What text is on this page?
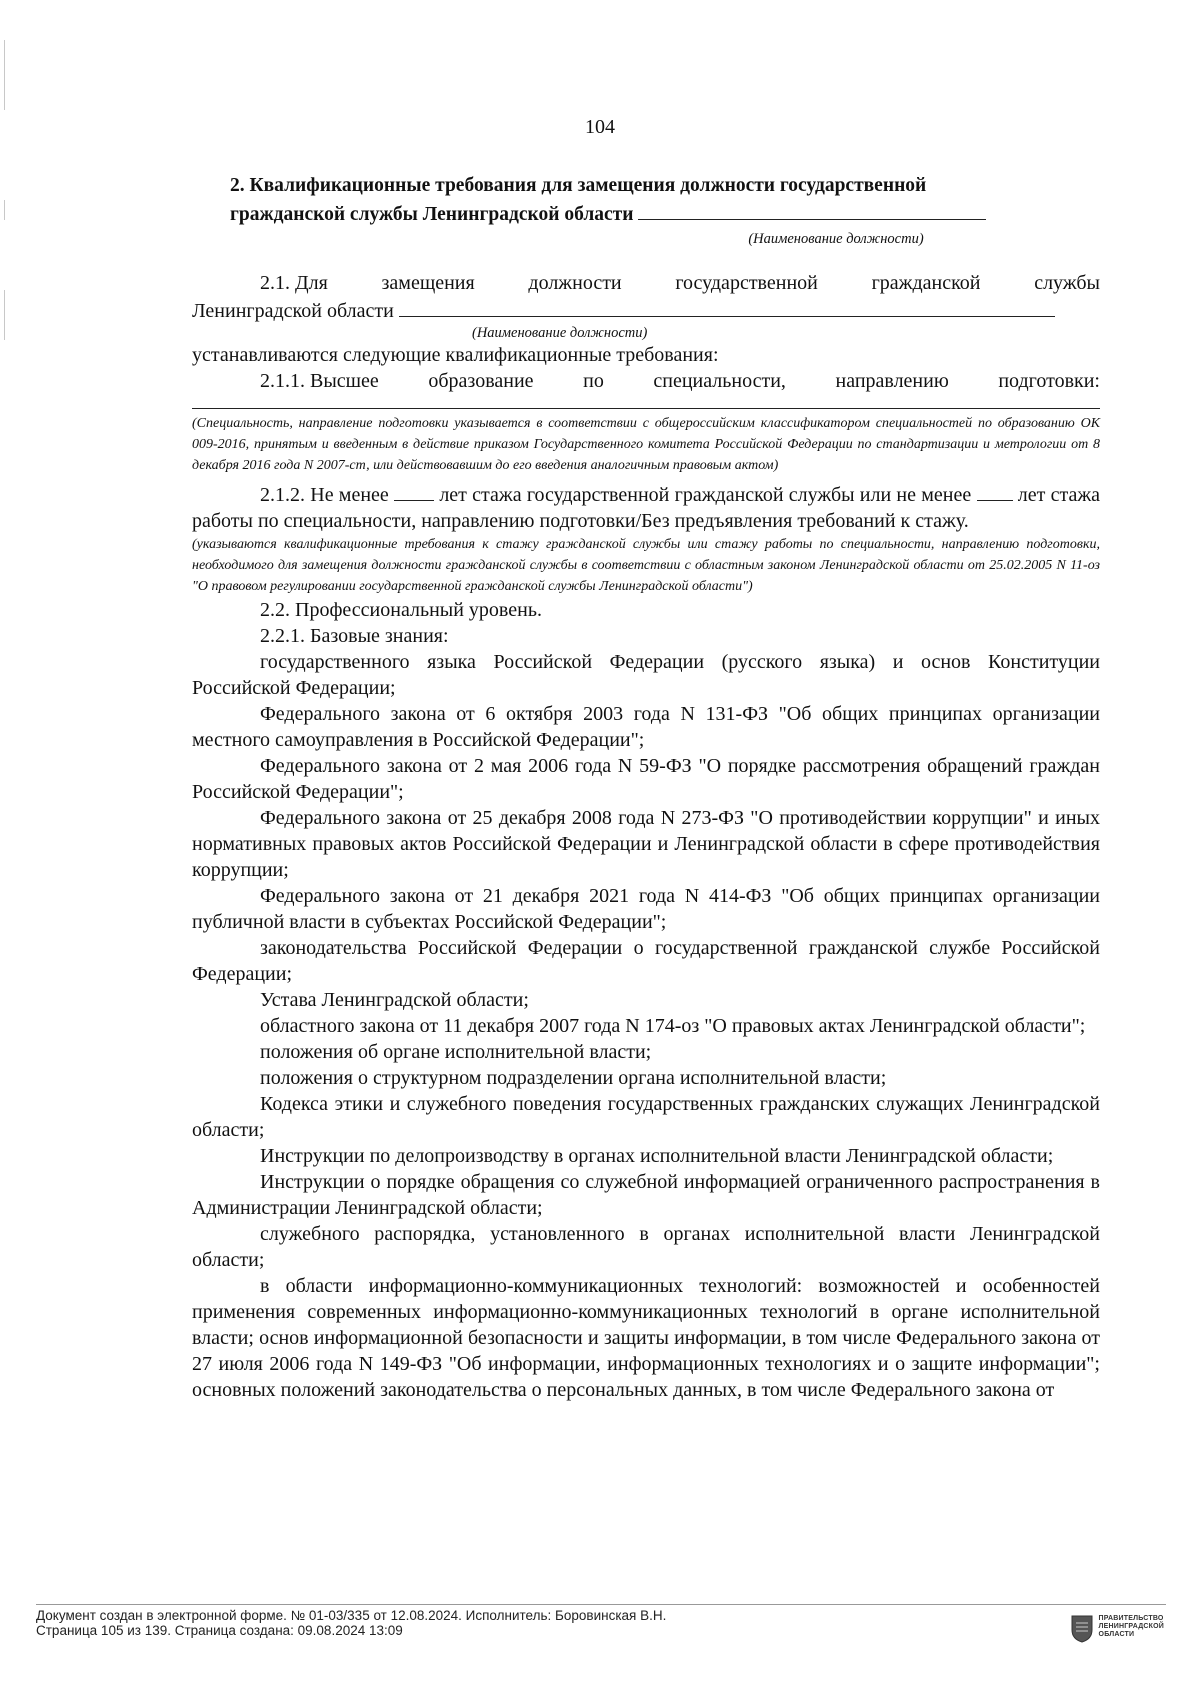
104
2. Квалификационные требования для замещения должности государственной
гражданской службы Ленинградской области
(Наименование должности)
2.1. Для	замещения	должности	государственной	гражданской	службы
Ленинградской области
(Наименование должности)
устанавливаются следующие квалификационные требования:
2.1.1. Высшее образование по специальности, направлению подготовки:

(Специальность, направление подготовки указывается в соответствии с общероссийским классификатором специальностей по образованию ОК 009-2016, принятым и введенным в действие приказом Государственного комитета Российской Федерации по стандартизации и метрологии от 8 декабря 2016 года N 2007-ст, или действовавшим до его введения аналогичным правовым актом)

2.1.2. Не менее	лет стажа государственной гражданской службы или не менее лет стажа работы по специальности, направлению подготовки/Без предъявления требований к стажу.

(указываются квалификационные требования к стажу гражданской службы или стажу работы по специальности, направлению подготовки, необходимого для замещения должности гражданской службы в соответствии с областным законом Ленинградской области от 25.02.2005 N 11-оз "О правовом регулировании государственной гражданской службы Ленинградской области")

2.2. Профессиональный уровень.

2.2.1. Базовые знания:

государственного языка Российской Федерации (русского языка) и основ Конституции Российской Федерации;

Федерального закона от 6 октября 2003 года N 131-ФЗ "Об общих принципах организации местного самоуправления в Российской Федерации";

Федерального закона от 2 мая 2006 года N 59-ФЗ "О порядке рассмотрения обращений граждан Российской Федерации";

Федерального закона от 25 декабря 2008 года N 273-ФЗ "О противодействии коррупции" и иных нормативных правовых актов Российской Федерации и Ленинградской области в сфере противодействия коррупции;

Федерального закона от 21 декабря 2021 года N 414-ФЗ "Об общих принципах организации публичной власти в субъектах Российской Федерации";

законодательства Российской Федерации о государственной гражданской службе Российской Федерации;

Устава Ленинградской области;

областного закона от 11 декабря 2007 года N 174-оз "О правовых актах Ленинградской области";

положения об органе исполнительной власти;

положения о структурном подразделении органа исполнительной власти;

Кодекса этики и служебного поведения государственных гражданских служащих Ленинградской области;

Инструкции по делопроизводству в органах исполнительной власти Ленинградской области;

Инструкции о порядке обращения со служебной информацией ограниченного распространения в Администрации Ленинградской области;

служебного распорядка, установленного в органах исполнительной власти Ленинградской области;

в области информационно-коммуникационных технологий: возможностей и особенностей применения современных информационно-коммуникационных технологий в органе исполнительной власти; основ информационной безопасности и защиты информации, в том числе Федерального закона от 27 июля 2006 года N 149-ФЗ "Об информации, информационных технологиях и о защите информации"; основных положений законодательства о персональных данных, в том числе Федерального закона от

Документ создан в электронной форме. № 01-03/335 от 12.08.2024. Исполнитель: Боровинская В.Н.
Страница 105 из 139. Страница создана: 09.08.2024 13:09
ПРАВИТЕЛЬСТВО
ЛЕНИНГРАДСКОЙ
ОБЛАСТИ
